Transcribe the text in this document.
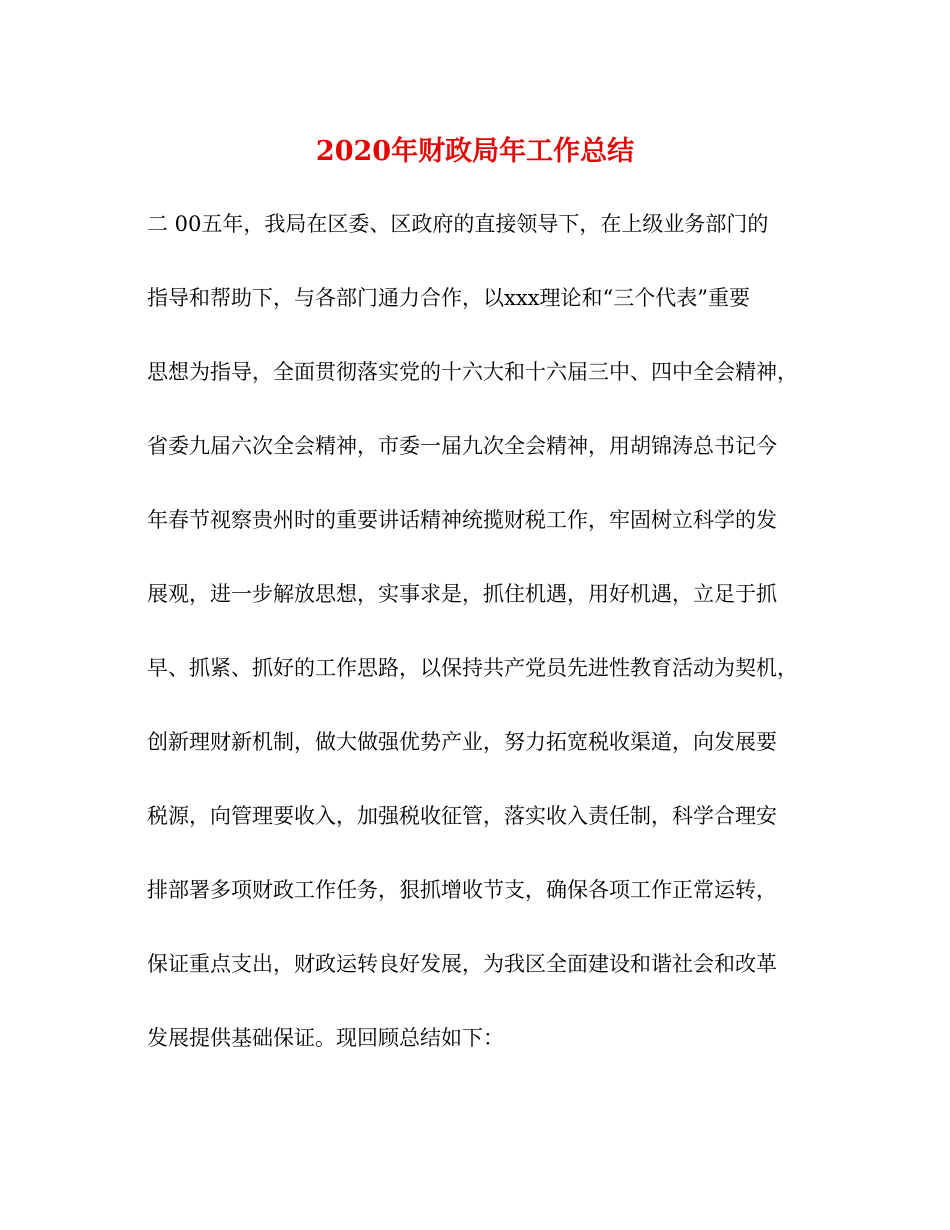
2020年财政局年工作总结
二 00五年，我局在区委、区政府的直接领导下，在上级业务部门的
指导和帮助下，与各部门通力合作，以xxx理论和“三个代表”重要
思想为指导，全面贯彻落实党的十六大和十六届三中、四中全会精神，
省委九届六次全会精神，市委一届九次全会精神，用胡锦涛总书记今
年春节视察贵州时的重要讲话精神统揽财税工作，牢固树立科学的发
展观，进一步解放思想，实事求是，抓住机遇，用好机遇，立足于抓
早、抓紧、抓好的工作思路，以保持共产党员先进性教育活动为契机，
创新理财新机制，做大做强优势产业，努力拓宽税收渠道，向发展要
税源，向管理要收入，加强税收征管，落实收入责任制，科学合理安
排部署多项财政工作任务，狠抓增收节支，确保各项工作正常运转，
保证重点支出，财政运转良好发展，为我区全面建设和谐社会和改革
发展提供基础保证。现回顾总结如下：
